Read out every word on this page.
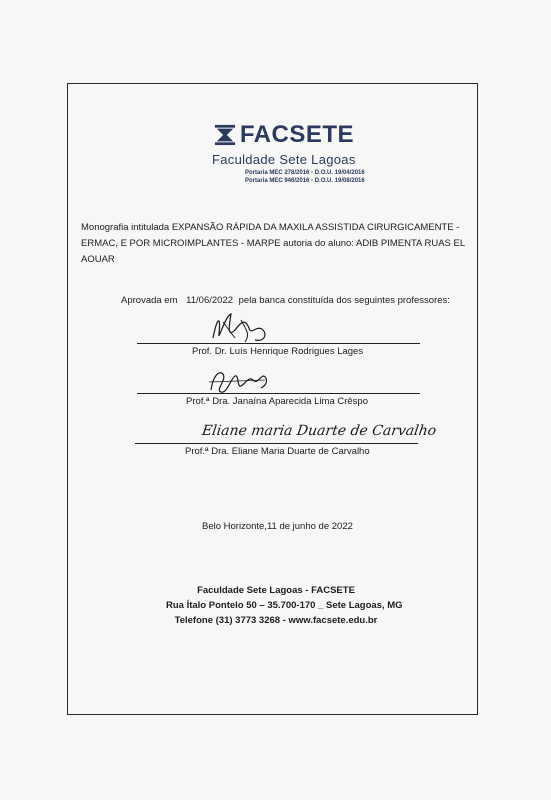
FACSETE
Faculdade Sete Lagoas
Portaria MEC 278/2016 - D.O.U. 19/04/2016
Portaria MEC 946/2016 - D.O.U. 19/08/2016
Monografia intitulada EXPANSÃO RÁPIDA DA MAXILA ASSISTIDA CIRURGICAMENTE - ERMAC, E POR MICROIMPLANTES - MARPE autoria do aluno: ADIB PIMENTA RUAS EL AOUAR
Aprovada em 11/06/2022 pela banca constituída dos seguintes professores:
Prof. Dr. Luís Henrique Rodrigues Lages
Prof.ª Dra. Janaína Aparecida Lima Crêspo
Eliane maria Duarte de Carvalho
Prof.ª Dra. Eliane Maria Duarte de Carvalho
Belo Horizonte,11 de junho de 2022
Faculdade Sete Lagoas - FACSETE
Rua Ítalo Pontelo 50 – 35.700-170 _ Sete Lagoas, MG
Telefone (31) 3773 3268 - www.facsete.edu.br
